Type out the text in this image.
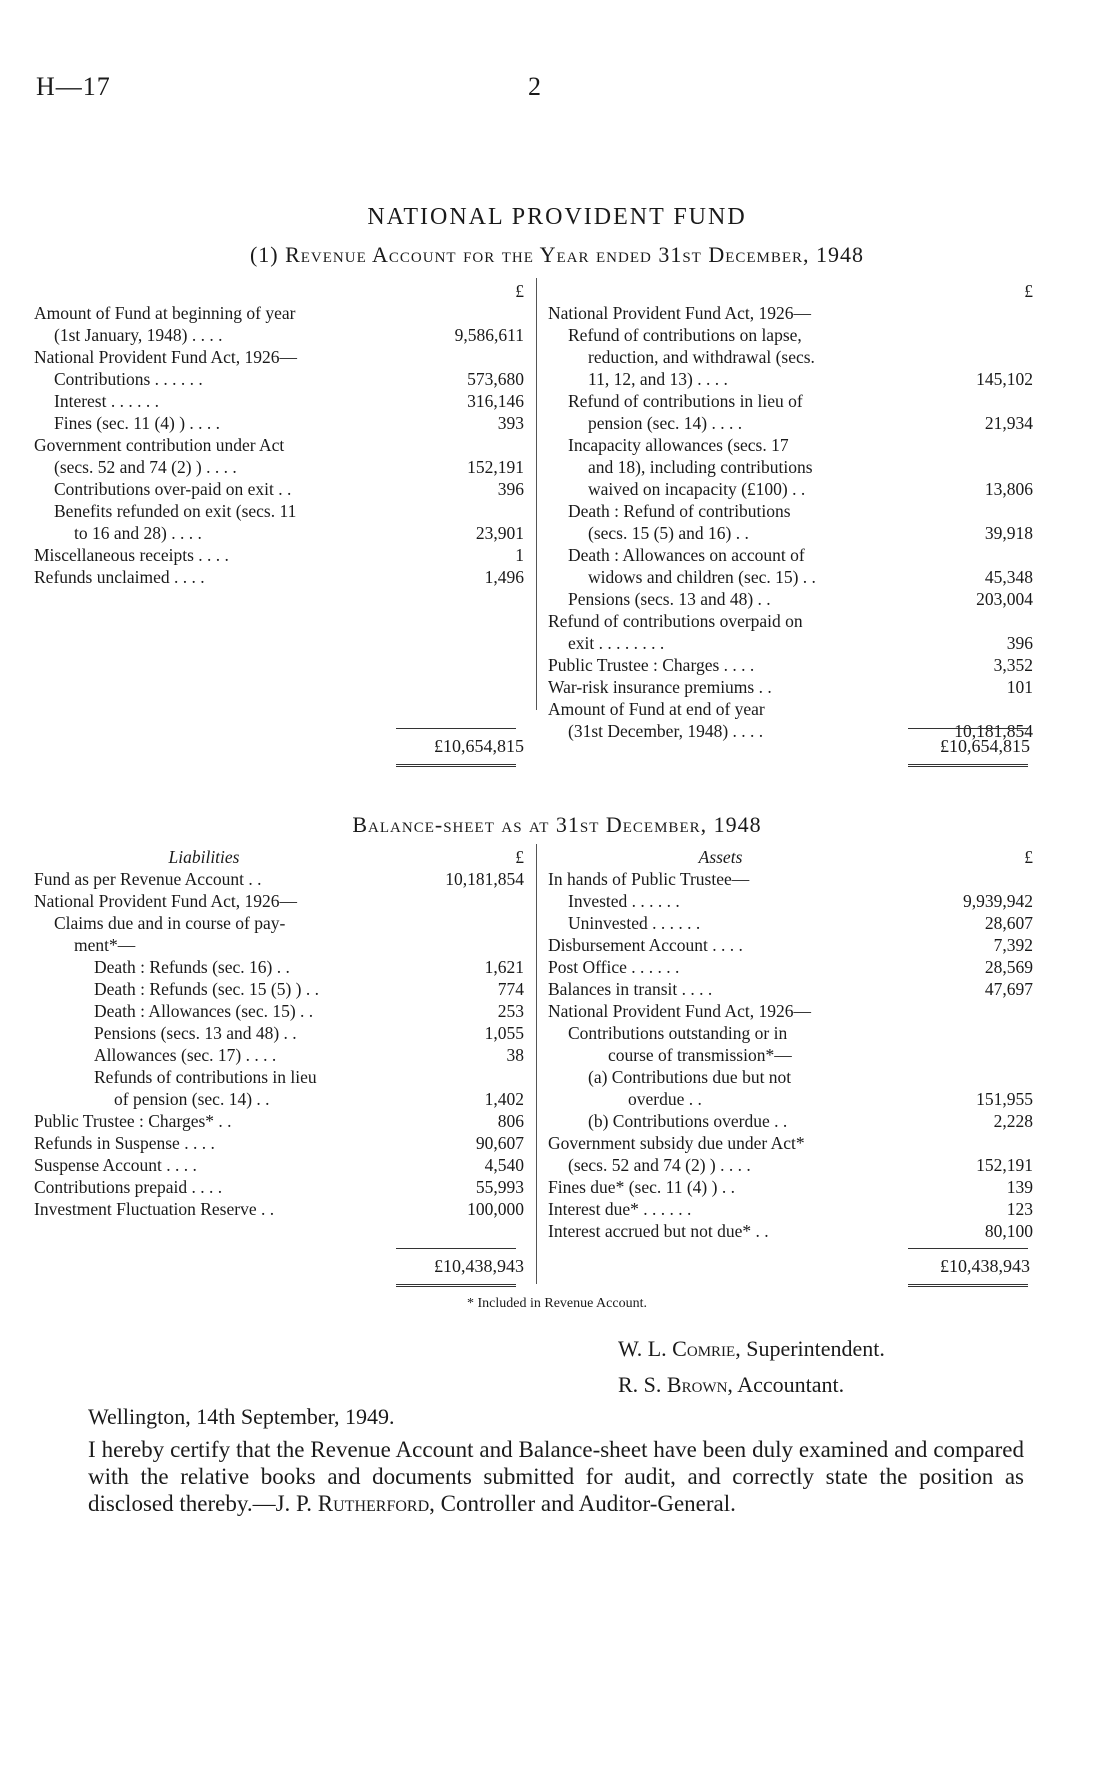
H—17	2
NATIONAL PROVIDENT FUND
(1) Revenue Account for the Year ended 31st December, 1948
£
Amount of Fund at beginning of year
(1st January, 1948) . . . .	9,586,611
National Provident Fund Act, 1926—
Contributions . . . . . .	573,680
Interest . . . . . .	316,146
Fines (sec. 11 (4) ) . . . .	393
Government contribution under Act
(secs. 52 and 74 (2) ) . . . .	152,191
Contributions over-paid on exit . .	396
Benefits refunded on exit (secs. 11
to 16 and 28) . . . .	23,901
Miscellaneous receipts . . . .	1
Refunds unclaimed . . . .	1,496
£
National Provident Fund Act, 1926—
Refund of contributions on lapse,
reduction, and withdrawal (secs.
11, 12, and 13) . . . .	145,102
Refund of contributions in lieu of
pension (sec. 14) . . . .	21,934
Incapacity allowances (secs. 17
and 18), including contributions
waived on incapacity (£100) . .	13,806
Death : Refund of contributions
(secs. 15 (5) and 16) . .	39,918
Death : Allowances on account of
widows and children (sec. 15) . .	45,348
Pensions (secs. 13 and 48) . .	203,004
Refund of contributions overpaid on
exit . . . . . . . .	396
Public Trustee : Charges . . . .	3,352
War-risk insurance premiums . .	101
Amount of Fund at end of year
(31st December, 1948) . . . .	10,181,854
£10,654,815	£10,654,815
Balance-sheet as at 31st December, 1948
Liabilities	£
Fund as per Revenue Account . .	10,181,854
National Provident Fund Act, 1926—
Claims due and in course of pay-
ment*—
Death : Refunds (sec. 16) . .	1,621
Death : Refunds (sec. 15 (5) ) . .	774
Death : Allowances (sec. 15) . .	253
Pensions (secs. 13 and 48) . .	1,055
Allowances (sec. 17) . . . .	38
Refunds of contributions in lieu
of pension (sec. 14) . .	1,402
Public Trustee : Charges* . .	806
Refunds in Suspense . . . .	90,607
Suspense Account . . . .	4,540
Contributions prepaid . . . .	55,993
Investment Fluctuation Reserve . .	100,000
Assets	£
In hands of Public Trustee—
Invested . . . . . .	9,939,942
Uninvested . . . . . .	28,607
Disbursement Account . . . .	7,392
Post Office . . . . . .	28,569
Balances in transit . . . .	47,697
National Provident Fund Act, 1926—
Contributions outstanding or in
course of transmission*—
(a) Contributions due but not
overdue . .	151,955
(b) Contributions overdue . .	2,228
Government subsidy due under Act*
(secs. 52 and 74 (2) ) . . . .	152,191
Fines due* (sec. 11 (4) ) . .	139
Interest due* . . . . . .	123
Interest accrued but not due* . .	80,100
£10,438,943	£10,438,943
* Included in Revenue Account.
W. L. Comrie, Superintendent.
R. S. Brown, Accountant.
Wellington, 14th September, 1949.
I hereby certify that the Revenue Account and Balance-sheet have been duly examined and compared with the relative books and documents submitted for audit, and correctly state the position as disclosed thereby.—J. P. Rutherford, Controller and Auditor-General.
